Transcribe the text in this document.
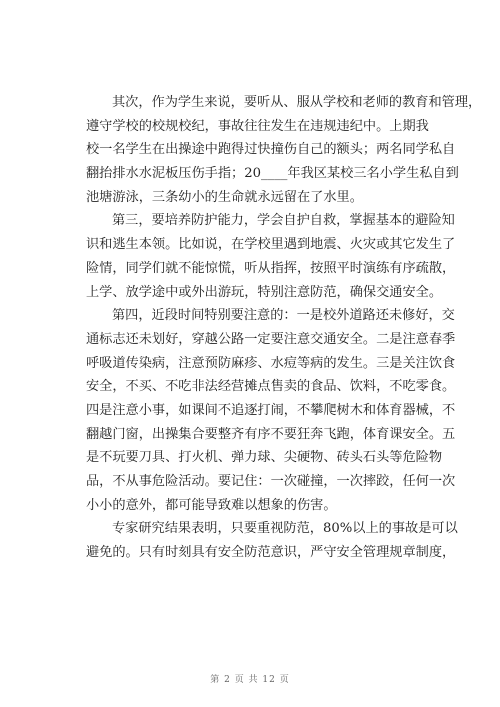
其次，作为学生来说，要听从、服从学校和老师的教育和管理，
遵守学校的校规校纪，事故往往发生在违规违纪中。上期我
校一名学生在出操途中跑得过快撞伤自己的额头；两名同学私自
翻抬排水水泥板压伤手指；20____年我区某校三名小学生私自到
池塘游泳，三条幼小的生命就永远留在了水里。
第三，要培养防护能力，学会自护自救，掌握基本的避险知
识和逃生本领。比如说，在学校里遇到地震、火灾或其它发生了
险情，同学们就不能惊慌，听从指挥，按照平时演练有序疏散，
上学、放学途中或外出游玩，特别注意防范，确保交通安全。
第四，近段时间特别要注意的：一是校外道路还未修好，交
通标志还未划好，穿越公路一定要注意交通安全。二是注意春季
呼吸道传染病，注意预防麻疹、水痘等病的发生。三是关注饮食
安全，不买、不吃非法经营摊点售卖的食品、饮料，不吃零食。
四是注意小事，如课间不追逐打闹，不攀爬树木和体育器械，不
翻越门窗，出操集合要整齐有序不要狂奔飞跑，体育课安全。五
是不玩要刀具、打火机、弹力球、尖硬物、砖头石头等危险物
品，不从事危险活动。要记住：一次碰撞，一次摔跤，任何一次
小小的意外，都可能导致难以想象的伤害。
专家研究结果表明，只要重视防范，80%以上的事故是可以
避免的。只有时刻具有安全防范意识，严守安全管理规章制度，
第 2 页 共 12 页
